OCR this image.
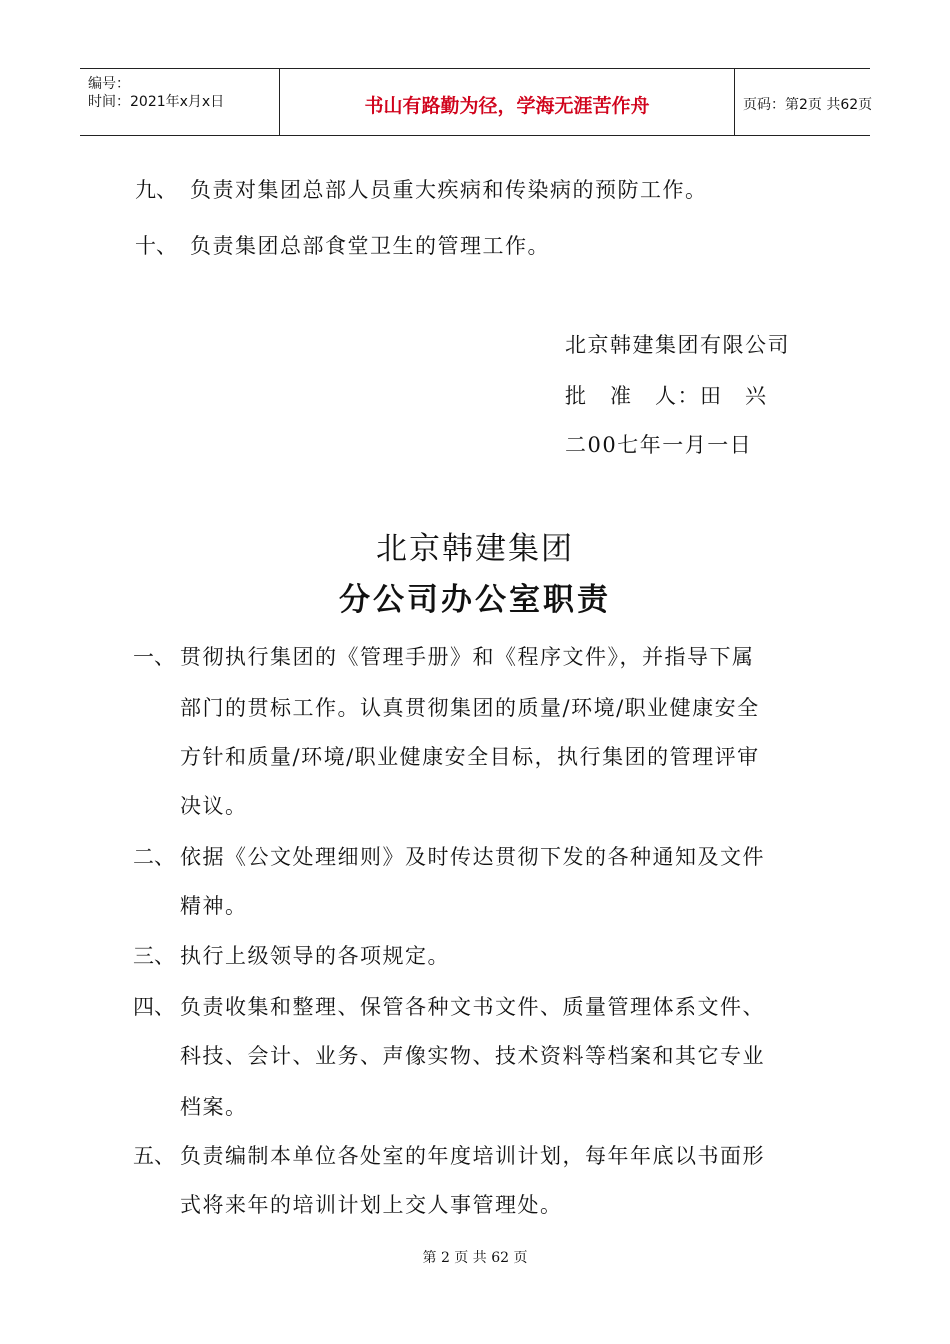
编号：
时间：2021年x月x日	书山有路勤为径，学海无涯苦作舟	页码：第2页 共62页
九、 负责对集团总部人员重大疾病和传染病的预防工作。
十、 负责集团总部食堂卫生的管理工作。
北京韩建集团有限公司
批　准　人：田　兴
二00七年一月一日
北京韩建集团
分公司办公室职责
一、 贯彻执行集团的《管理手册》和《程序文件》，并指导下属
部门的贯标工作。认真贯彻集团的质量/环境/职业健康安全
方针和质量/环境/职业健康安全目标，执行集团的管理评审
决议。
二、 依据《公文处理细则》及时传达贯彻下发的各种通知及文件
精神。
三、 执行上级领导的各项规定。
四、 负责收集和整理、保管各种文书文件、质量管理体系文件、
科技、会计、业务、声像实物、技术资料等档案和其它专业
档案。
五、 负责编制本单位各处室的年度培训计划，每年年底以书面形
式将来年的培训计划上交人事管理处。
第 2 页 共 62 页
